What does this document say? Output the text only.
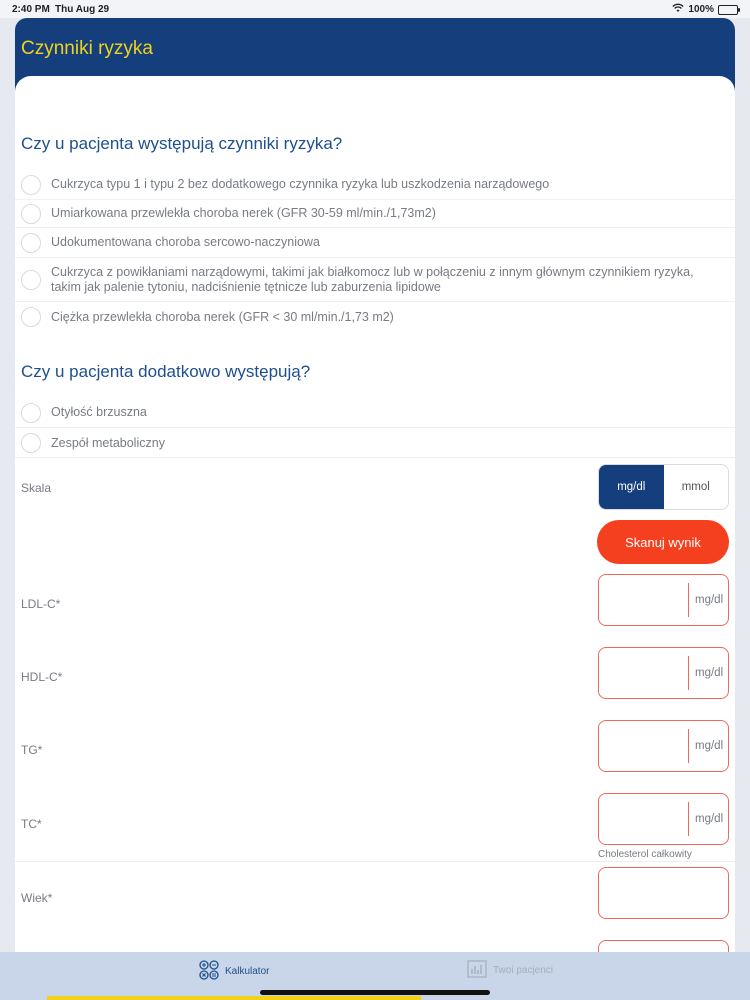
2:40 PM Thu Aug 29	100%
Czynniki ryzyka
Czy u pacjenta występują czynniki ryzyka?
Cukrzyca typu 1 i typu 2 bez dodatkowego czynnika ryzyka lub uszkodzenia narządowego
Umiarkowana przewlekła choroba nerek (GFR 30-59 ml/min./1,73m2)
Udokumentowana choroba sercowo-naczyniowa
Cukrzyca z powikłaniami narządowymi, takimi jak białkomocz lub w połączeniu z innym głównym czynnikiem ryzyka, takim jak palenie tytoniu, nadciśnienie tętnicze lub zaburzenia lipidowe
Ciężka przewlekła choroba nerek (GFR < 30 ml/min./1,73 m2)
Czy u pacjenta dodatkowo występują?
Otyłość brzuszna
Zespół metaboliczny
Skala	mg/dl	mmol
Skanuj wynik
LDL-C*	mg/dl
HDL-C*	mg/dl
TG*	mg/dl
TC*	mg/dl
Cholesterol całkowity
Wiek*
Kalkulator	Twoi pacjenci
